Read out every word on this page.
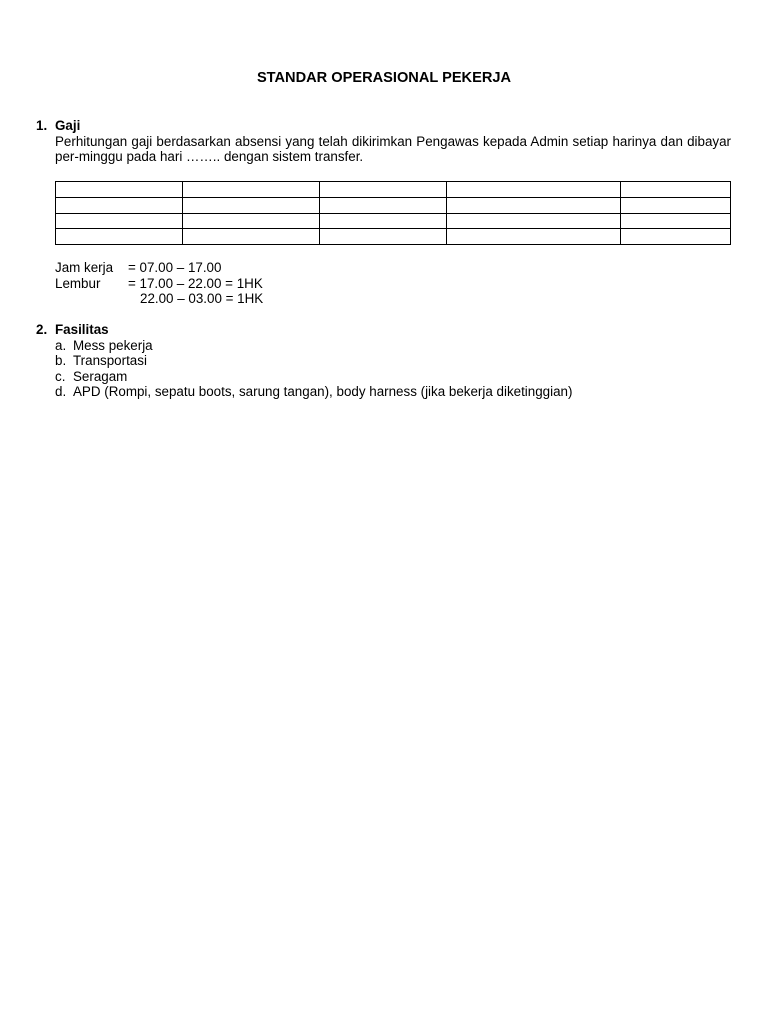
STANDAR OPERASIONAL PEKERJA
1. Gaji
Perhitungan gaji berdasarkan absensi yang telah dikirimkan Pengawas kepada Admin setiap harinya dan dibayar per-minggu pada hari …….. dengan sistem transfer.

Jam kerja = 07.00 – 17.00
Lembur = 17.00 – 22.00 = 1HK
22.00 – 03.00 = 1HK
2. Fasilitas
a. Mess pekerja
b. Transportasi
c. Seragam
d. APD (Rompi, sepatu boots, sarung tangan), body harness (jika bekerja diketinggian)
